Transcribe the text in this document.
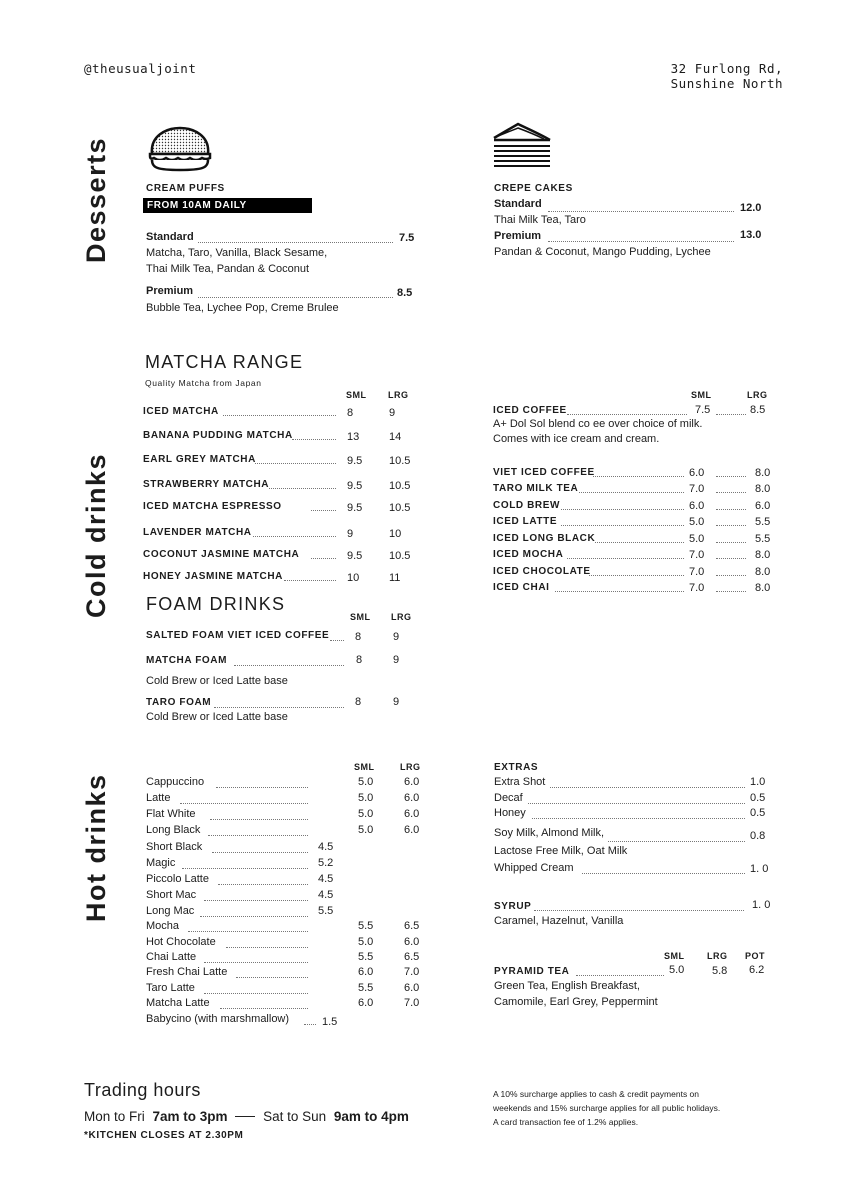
@theusualjoint	32 Furlong Rd,
Sunshine North
Desserts
Cold drinks
Hot drinks
CREAM PUFFS
FROM 10AM DAILY
Standard	7.5
Matcha, Taro, Vanilla, Black Sesame,
Thai Milk Tea, Pandan & Coconut
Premium	8.5
Bubble Tea, Lychee Pop, Creme Brulee
CREPE CAKES
Standard	12.0
Thai Milk Tea, Taro
Premium	13.0
Pandan & Coconut, Mango Pudding, Lychee
MATCHA RANGE
Quality Matcha from Japan
SML LRG
ICED MATCHA	8	9
BANANA PUDDING MATCHA	13	14
EARL GREY MATCHA	9.5 10.5
STRAWBERRY MATCHA	9.5 10.5
ICED MATCHA ESPRESSO	9.5 10.5
LAVENDER MATCHA	9	10
COCONUT JASMINE MATCHA	9.5 10.5
HONEY JASMINE MATCHA	10	11
FOAM DRINKS
SML LRG
SALTED FOAM VIET ICED COFFEE 8	9
MATCHA FOAM	8	9
Cold Brew or Iced Latte base
TARO FOAM	8	9
Cold Brew or Iced Latte base
SML	LRG
ICED COFFEE	7.5	8.5
A+ Dol Sol blend co ee over choice of milk.
Comes with ice cream and cream.
VIET ICED COFFEE	6.0	8.0
TARO MILK TEA	7.0	8.0
COLD BREW	6.0	6.0
ICED LATTE	5.0	5.5
ICED LONG BLACK	5.0	5.5
ICED MOCHA	7.0	8.0
ICED CHOCOLATE	7.0	8.0
ICED CHAI	7.0	8.0
SML	LRG
Cappuccino	5.0	6.0
Latte	5.0	6.0
Flat White	5.0	6.0
Long Black	5.0	6.0
Short Black	4.5
Magic	5.2
Piccolo Latte	4.5
Short Mac	4.5
Long Mac	5.5
Mocha	5.5	6.5
Hot Chocolate	5.0	6.0
Chai Latte	5.5	6.5
Fresh Chai Latte	6.0	7.0
Taro Latte	5.5	6.0
Matcha Latte	6.0	7.0
Babycino (with marshmallow)	1.5
EXTRAS
Extra Shot	1.0
Decaf	0.5
Honey	0.5
Soy Milk, Almond Milk,
Lactose Free Milk, Oat Milk
0.8
Whipped Cream	1. 0
SYRUP	1. 0
Caramel, Hazelnut, Vanilla
SML	LRG POT
PYRAMID TEA	5.0	5.8 6.2
Green Tea, English Breakfast,
Camomile, Earl Grey, Peppermint
Trading hours
Mon to Fri 7am to 3pm	Sat to Sun 9am to 4pm
*KITCHEN CLOSES AT 2.30PM
A 10% surcharge applies to cash & credit payments on
weekends and 15% surcharge applies for all public holidays.
A card transaction fee of 1.2% applies.
